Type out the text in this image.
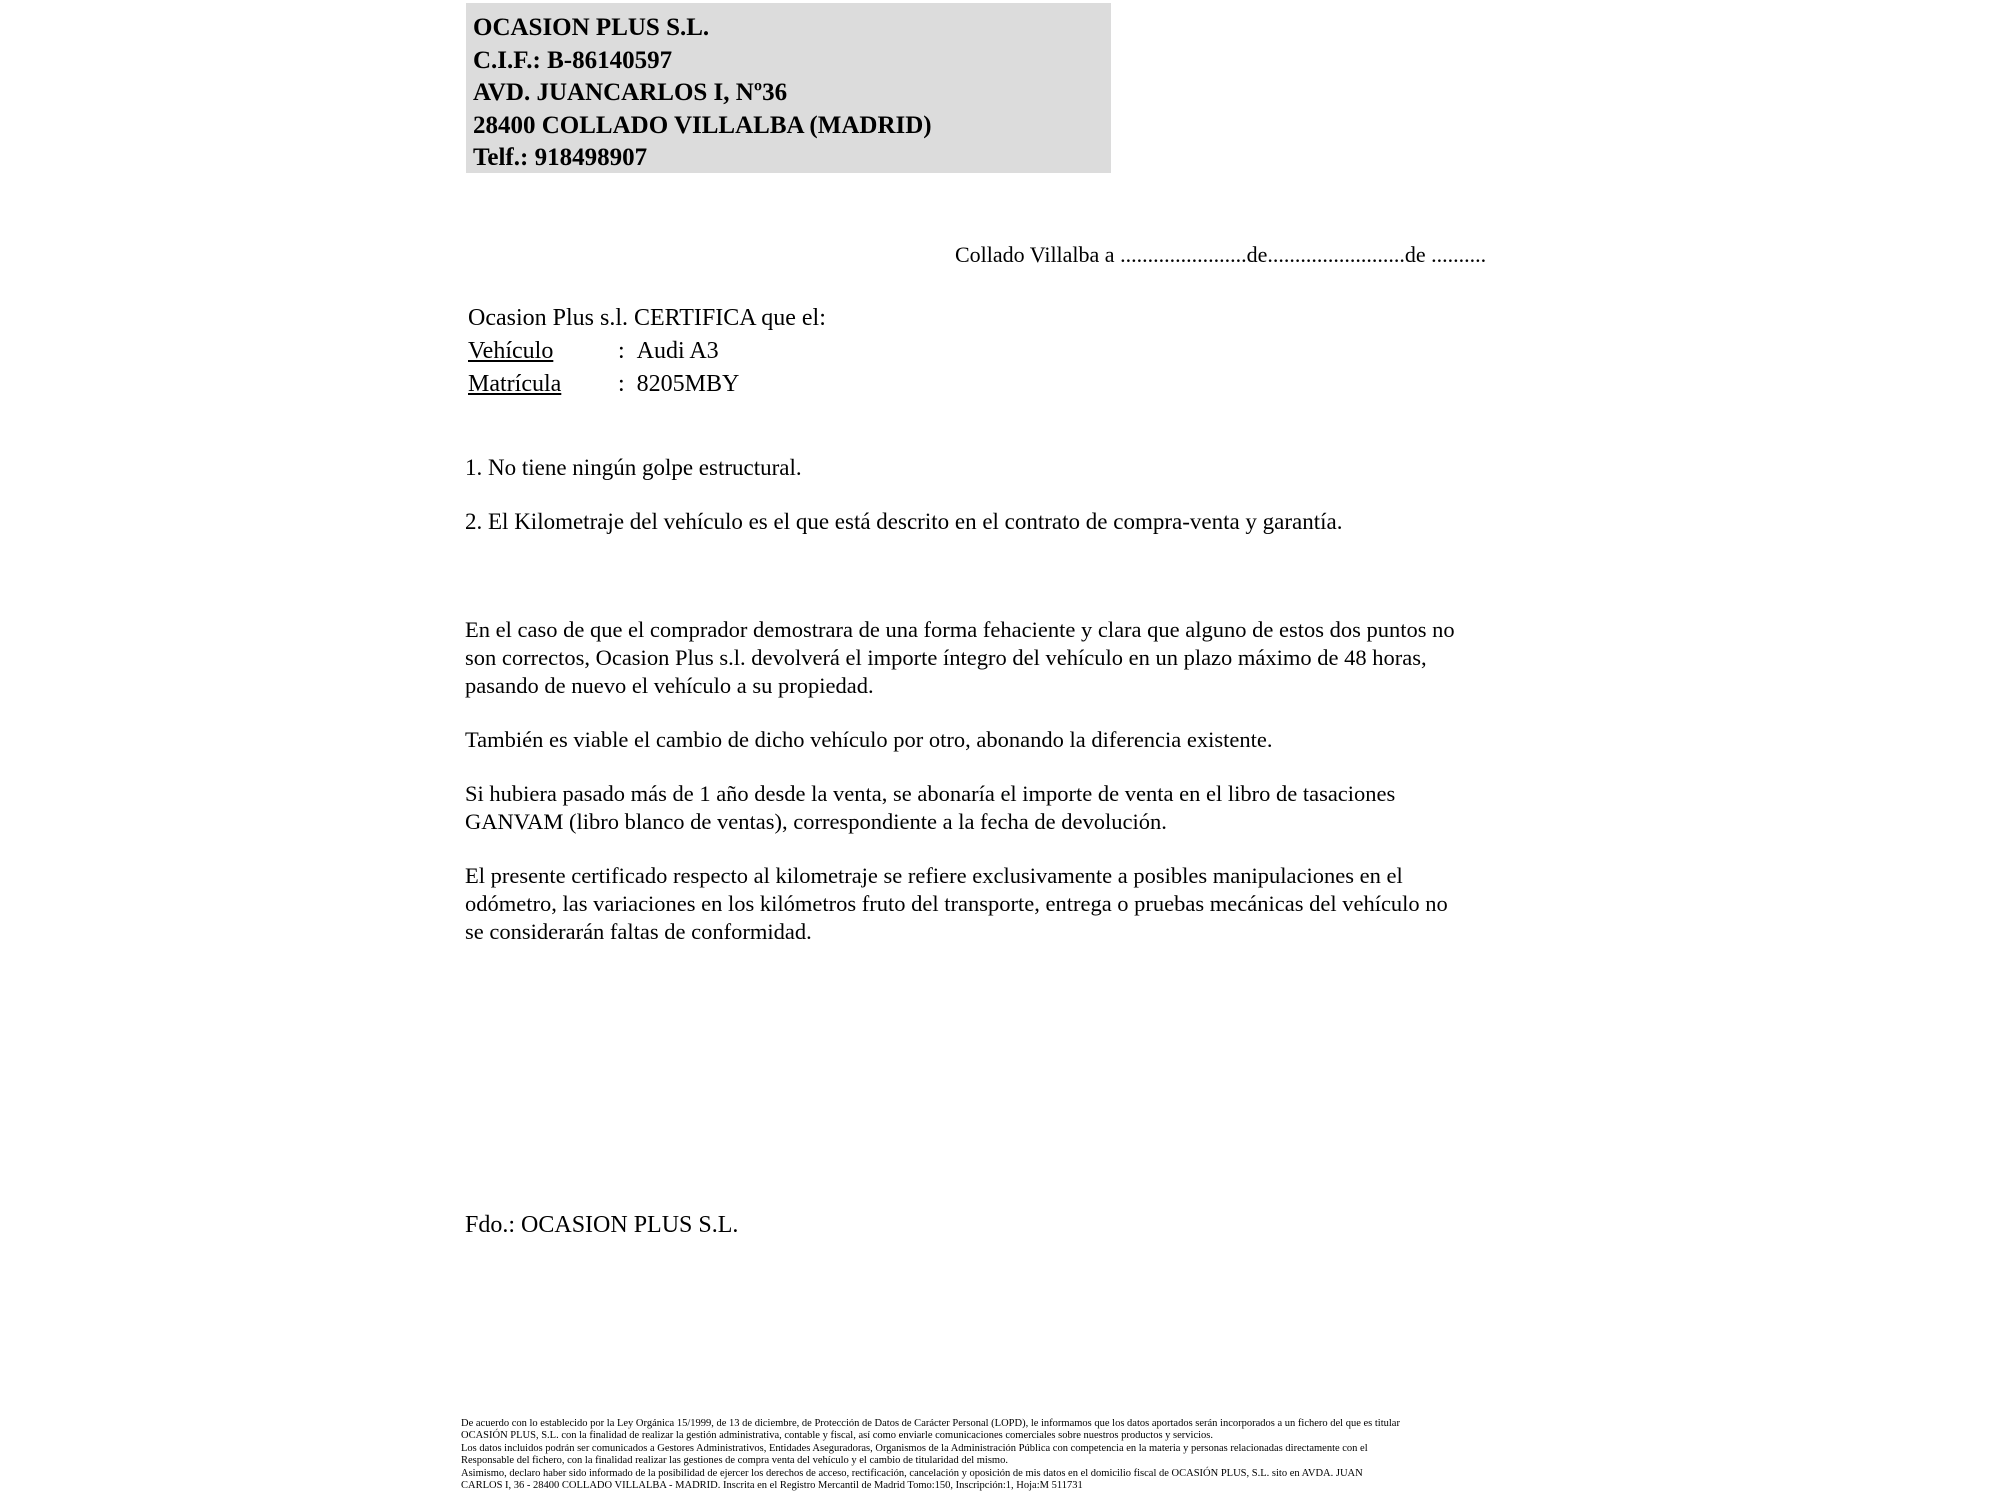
OCASION PLUS S.L.
C.I.F.: B-86140597
AVD. JUANCARLOS I, Nº36
28400 COLLADO VILLALBA (MADRID)
Telf.: 918498907
Collado Villalba a .......................de.........................de ..........
Ocasion Plus s.l. CERTIFICA que el:
Vehículo	: Audi A3
Matrícula : 8205MBY
1. No tiene ningún golpe estructural.
2. El Kilometraje del vehículo es el que está descrito en el contrato de compra-venta y garantía.
En el caso de que el comprador demostrara de una forma fehaciente y clara que alguno de estos dos puntos no
son correctos, Ocasion Plus s.l. devolverá el importe íntegro del vehículo en un plazo máximo de 48 horas,
pasando de nuevo el vehículo a su propiedad.
También es viable el cambio de dicho vehículo por otro, abonando la diferencia existente.
Si hubiera pasado más de 1 año desde la venta, se abonaría el importe de venta en el libro de tasaciones
GANVAM (libro blanco de ventas), correspondiente a la fecha de devolución.
El presente certificado respecto al kilometraje se refiere exclusivamente a posibles manipulaciones en el
odómetro, las variaciones en los kilómetros fruto del transporte, entrega o pruebas mecánicas del vehículo no
se considerarán faltas de conformidad.
Fdo.: OCASION PLUS S.L.
De acuerdo con lo establecido por la Ley Orgánica 15/1999, de 13 de diciembre, de Protección de Datos de Carácter Personal (LOPD), le informamos que los datos aportados serán incorporados a un fichero del que es titular
OCASIÓN PLUS, S.L. con la finalidad de realizar la gestión administrativa, contable y fiscal, así como enviarle comunicaciones comerciales sobre nuestros productos y servicios.
Los datos incluidos podrán ser comunicados a Gestores Administrativos, Entidades Aseguradoras, Organismos de la Administración Pública con competencia en la materia y personas relacionadas directamente con el
Responsable del fichero, con la finalidad realizar las gestiones de compra venta del vehículo y el cambio de titularidad del mismo.
Asimismo, declaro haber sido informado de la posibilidad de ejercer los derechos de acceso, rectificación, cancelación y oposición de mis datos en el domicilio fiscal de OCASIÓN PLUS, S.L. sito en AVDA. JUAN
CARLOS I, 36 - 28400 COLLADO VILLALBA - MADRID. Inscrita en el Registro Mercantil de Madrid Tomo:150, Inscripción:1, Hoja:M 511731
